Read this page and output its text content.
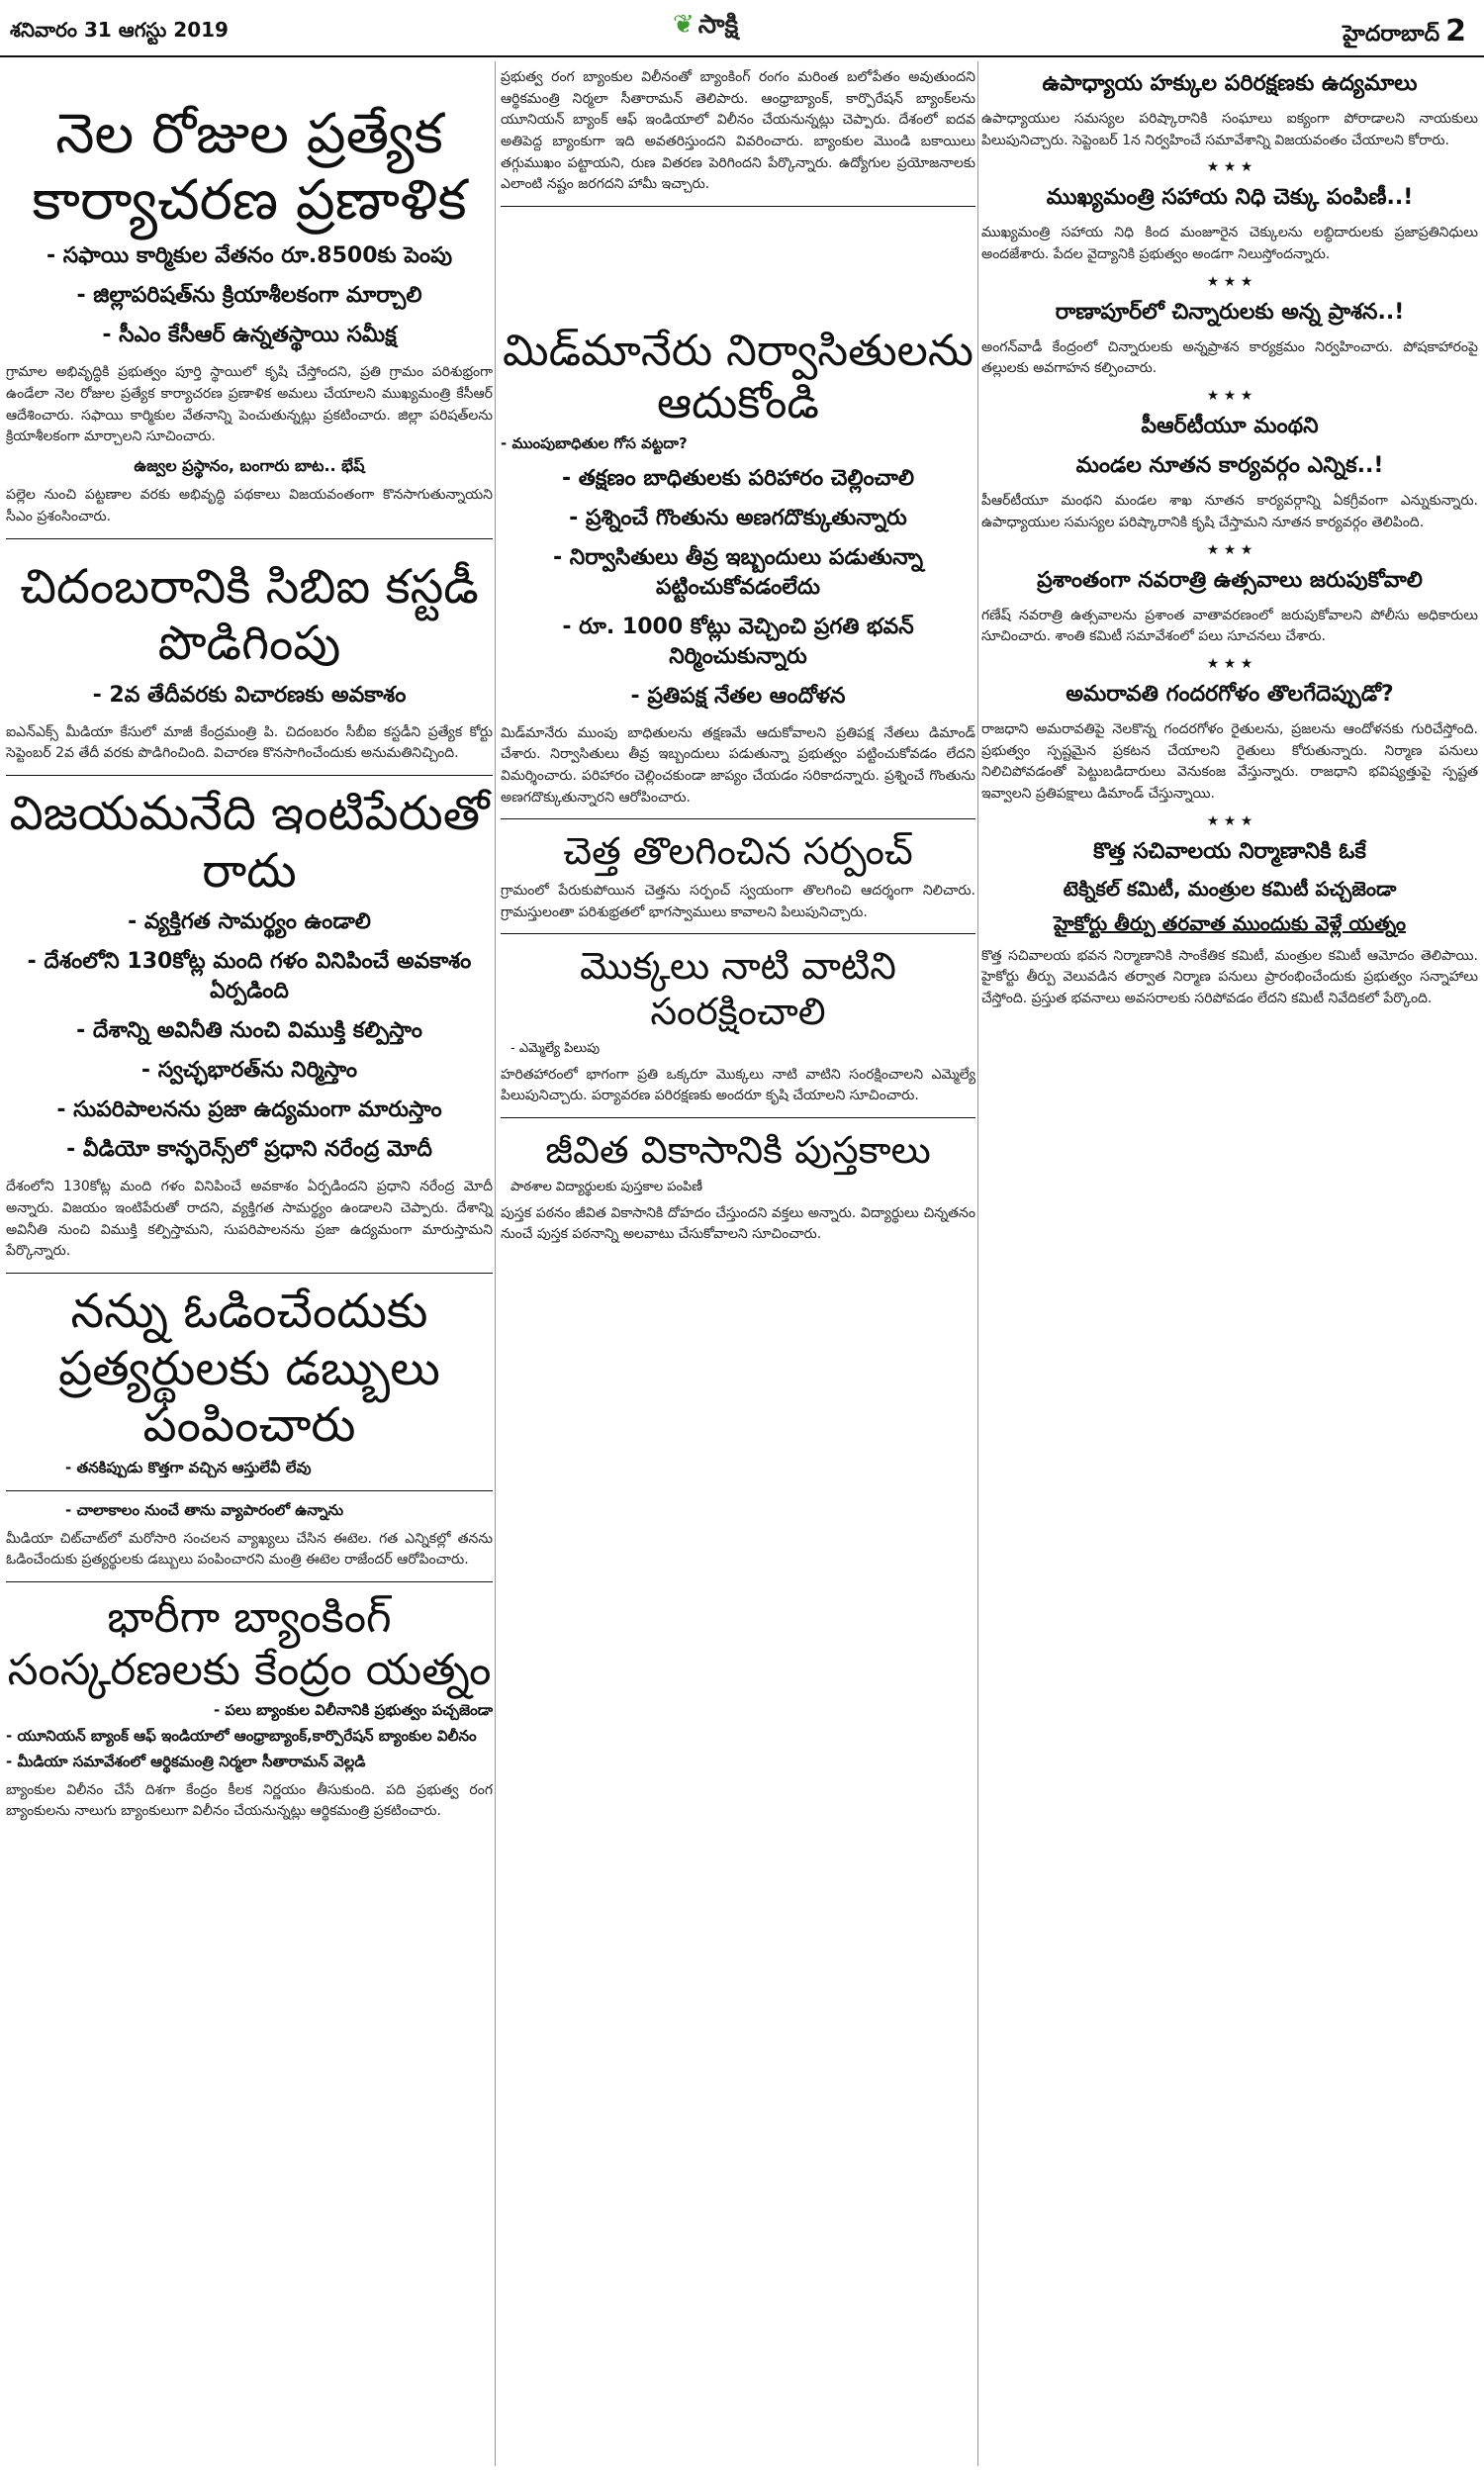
శనివారం 31 ఆగస్టు 2019	❦ సాక్షి	హైదరాబాద్ 2
నెల రోజుల ప్రత్యేక కార్యాచరణ ప్రణాళిక
- సఫాయి కార్మికుల వేతనం రూ.8500కు పెంపు
- జిల్లాపరిషత్‌ను క్రియాశీలకంగా మార్చాలి
- సీఎం కేసీఆర్‌ ఉన్నతస్థాయి సమీక్ష

గ్రామాల అభివృద్ధికి ప్రభుత్వం పూర్తి స్థాయిలో కృషి చేస్తోందని, ప్రతి గ్రామం పరిశుభ్రంగా ఉండేలా నెల రోజుల ప్రత్యేక కార్యాచరణ ప్రణాళిక అమలు చేయాలని ముఖ్యమంత్రి కేసీఆర్‌ ఆదేశించారు. సఫాయి కార్మికుల వేతనాన్ని పెంచుతున్నట్లు ప్రకటించారు. జిల్లా పరిషత్‌లను క్రియాశీలకంగా మార్చాలని సూచించారు.

ఉజ్వల ప్రస్థానం, బంగారు బాట.. భేష్‌

పల్లెల నుంచి పట్టణాల వరకు అభివృద్ధి పథకాలు విజయవంతంగా కొనసాగుతున్నాయని సీఎం ప్రశంసించారు.

చిదంబరానికి సిబిఐ కస్టడీ పొడిగింపు
- 2వ తేదీవరకు విచారణకు అవకాశం

ఐఎన్‌ఎక్స్‌ మీడియా కేసులో మాజీ కేంద్రమంత్రి పి. చిదంబరం సీబీఐ కస్టడీని ప్రత్యేక కోర్టు సెప్టెంబర్‌ 2వ తేదీ వరకు పొడిగించింది. విచారణ కొనసాగించేందుకు అనుమతినిచ్చింది.

విజయమనేది ఇంటిపేరుతో రాదు
- వ్యక్తిగత సామర్థ్యం ఉండాలి
- దేశంలోని 130కోట్ల మంది గళం వినిపించే అవకాశం ఏర్పడింది
- దేశాన్ని అవినీతి నుంచి విముక్తి కల్పిస్తాం
- స్వచ్ఛభారత్‌ను నిర్మిస్తాం
- సుపరిపాలనను ప్రజా ఉద్యమంగా మారుస్తాం
- వీడియో కాన్ఫరెన్స్‌లో ప్రధాని నరేంద్ర మోదీ

దేశంలోని 130కోట్ల మంది గళం వినిపించే అవకాశం ఏర్పడిందని ప్రధాని నరేంద్ర మోదీ అన్నారు. విజయం ఇంటిపేరుతో రాదని, వ్యక్తిగత సామర్థ్యం ఉండాలని చెప్పారు. దేశాన్ని అవినీతి నుంచి విముక్తి కల్పిస్తామని, సుపరిపాలనను ప్రజా ఉద్యమంగా మారుస్తామని పేర్కొన్నారు.

నన్ను ఓడించేందుకు ప్రత్యర్థులకు డబ్బులు పంపించారు
- తనకిప్పుడు కొత్తగా వచ్చిన ఆస్తులేవీ లేవు
- చాలాకాలం నుంచే తాను వ్యాపారంలో ఉన్నాను

మీడియా చిట్‌చాట్‌లో మరోసారి సంచలన వ్యాఖ్యలు చేసిన ఈటెల. గత ఎన్నికల్లో తనను ఓడించేందుకు ప్రత్యర్థులకు డబ్బులు పంపించారని మంత్రి ఈటెల రాజేందర్‌ ఆరోపించారు.

భారీగా బ్యాంకింగ్‌ సంస్కరణలకు కేంద్రం యత్నం
- పలు బ్యాంకుల విలీనానికి ప్రభుత్వం పచ్చజెండా
- యూనియన్‌ బ్యాంక్‌ ఆఫ్‌ ఇండియాలో ఆంధ్రాబ్యాంక్‌,కార్పొరేషన్‌ బ్యాంకుల విలీనం
- మీడియా సమావేశంలో ఆర్థికమంత్రి నిర్మలా సీతారామన్‌ వెల్లడి

బ్యాంకుల విలీనం చేసే దిశగా కేంద్రం కీలక నిర్ణయం తీసుకుంది. పది ప్రభుత్వ రంగ బ్యాంకులను నాలుగు బ్యాంకులుగా విలీనం చేయనున్నట్లు ఆర్థికమంత్రి ప్రకటించారు.

ప్రభుత్వ రంగ బ్యాంకుల విలీనంతో బ్యాంకింగ్‌ రంగం మరింత బలోపేతం అవుతుందని ఆర్థికమంత్రి నిర్మలా సీతారామన్‌ తెలిపారు. ఆంధ్రాబ్యాంక్‌, కార్పొరేషన్‌ బ్యాంక్‌లను యూనియన్‌ బ్యాంక్‌ ఆఫ్‌ ఇండియాలో విలీనం చేయనున్నట్లు చెప్పారు. దేశంలో ఐదవ అతిపెద్ద బ్యాంకుగా ఇది అవతరిస్తుందని వివరించారు. బ్యాంకుల మొండి బకాయిలు తగ్గుముఖం పట్టాయని, రుణ వితరణ పెరిగిందని పేర్కొన్నారు. ఉద్యోగుల ప్రయోజనాలకు ఎలాంటి నష్టం జరగదని హామీ ఇచ్చారు.

మిడ్‌మానేరు నిర్వాసితులను ఆదుకోండి
- ముంపుబాధితుల గోస వట్టదా?
- తక్షణం బాధితులకు పరిహారం చెల్లించాలి
- ప్రశ్నించే గొంతును అణగదొక్కుతున్నారు
- నిర్వాసితులు తీవ్ర ఇబ్బందులు పడుతున్నా పట్టించుకోవడంలేదు
- రూ. 1000 కోట్లు వెచ్చించి ప్రగతి భవన్‌ నిర్మించుకున్నారు
- ప్రతిపక్ష నేతల ఆందోళన

మిడ్‌మానేరు ముంపు బాధితులను తక్షణమే ఆదుకోవాలని ప్రతిపక్ష నేతలు డిమాండ్‌ చేశారు. నిర్వాసితులు తీవ్ర ఇబ్బందులు పడుతున్నా ప్రభుత్వం పట్టించుకోవడం లేదని విమర్శించారు. పరిహారం చెల్లించకుండా జాప్యం చేయడం సరికాదన్నారు. ప్రశ్నించే గొంతును అణగదొక్కుతున్నారని ఆరోపించారు.

చెత్త తొలగించిన సర్పంచ్‌

గ్రామంలో పేరుకుపోయిన చెత్తను సర్పంచ్‌ స్వయంగా తొలగించి ఆదర్శంగా నిలిచారు. గ్రామస్తులంతా పరిశుభ్రతలో భాగస్వాములు కావాలని పిలుపునిచ్చారు.

మొక్కలు నాటి వాటిని సంరక్షించాలి
- ఎమ్మెల్యే పిలుపు

హరితహారంలో భాగంగా ప్రతి ఒక్కరూ మొక్కలు నాటి వాటిని సంరక్షించాలని ఎమ్మెల్యే పిలుపునిచ్చారు. పర్యావరణ పరిరక్షణకు అందరూ కృషి చేయాలని సూచించారు.

జీవిత వికాసానికి పుస్తకాలు
పాఠశాల విద్యార్థులకు పుస్తకాల పంపిణీ

పుస్తక పఠనం జీవిత వికాసానికి దోహదం చేస్తుందని వక్తలు అన్నారు. విద్యార్థులు చిన్నతనం నుంచే పుస్తక పఠనాన్ని అలవాటు చేసుకోవాలని సూచించారు.

ఉపాధ్యాయ హక్కుల పరిరక్షణకు ఉద్యమాలు

ఉపాధ్యాయుల సమస్యల పరిష్కారానికి సంఘాలు ఐక్యంగా పోరాడాలని నాయకులు పిలుపునిచ్చారు. సెప్టెంబర్‌ 1న నిర్వహించే సమావేశాన్ని విజయవంతం చేయాలని కోరారు.

★ ★ ★
ముఖ్యమంత్రి సహాయ నిధి చెక్కు పంపిణీ..!

ముఖ్యమంత్రి సహాయ నిధి కింద మంజూరైన చెక్కులను లబ్ధిదారులకు ప్రజాప్రతినిధులు అందజేశారు. పేదల వైద్యానికి ప్రభుత్వం అండగా నిలుస్తోందన్నారు.

★ ★ ★
రాణాపూర్‌లో చిన్నారులకు అన్న ప్రాశన..!

అంగన్‌వాడీ కేంద్రంలో చిన్నారులకు అన్నప్రాశన కార్యక్రమం నిర్వహించారు. పోషకాహారంపై తల్లులకు అవగాహన కల్పించారు.

★ ★ ★
పీఆర్‌టీయూ మంథని
మండల నూతన కార్యవర్గం ఎన్నిక..!

పీఆర్‌టీయూ మంథని మండల శాఖ నూతన కార్యవర్గాన్ని ఏకగ్రీవంగా ఎన్నుకున్నారు. ఉపాధ్యాయుల సమస్యల పరిష్కారానికి కృషి చేస్తామని నూతన కార్యవర్గం తెలిపింది.

★ ★ ★
ప్రశాంతంగా నవరాత్రి ఉత్సవాలు జరుపుకోవాలి

గణేష్‌ నవరాత్రి ఉత్సవాలను ప్రశాంత వాతావరణంలో జరుపుకోవాలని పోలీసు అధికారులు సూచించారు. శాంతి కమిటీ సమావేశంలో పలు సూచనలు చేశారు.

★ ★ ★
అమరావతి గందరగోళం తొలగేదెప్పుడో?

రాజధాని అమరావతిపై నెలకొన్న గందరగోళం రైతులను, ప్రజలను ఆందోళనకు గురిచేస్తోంది. ప్రభుత్వం స్పష్టమైన ప్రకటన చేయాలని రైతులు కోరుతున్నారు. నిర్మాణ పనులు నిలిచిపోవడంతో పెట్టుబడిదారులు వెనుకంజ వేస్తున్నారు. రాజధాని భవిష్యత్తుపై స్పష్టత ఇవ్వాలని ప్రతిపక్షాలు డిమాండ్‌ చేస్తున్నాయి.

★ ★ ★
కొత్త సచివాలయ నిర్మాణానికి ఓకే
టెక్నికల్‌ కమిటీ, మంత్రుల కమిటీ పచ్చజెండా
హైకోర్టు తీర్పు తరవాత ముందుకు వెళ్లే యత్నం

కొత్త సచివాలయ భవన నిర్మాణానికి సాంకేతిక కమిటీ, మంత్రుల కమిటీ ఆమోదం తెలిపాయి. హైకోర్టు తీర్పు వెలువడిన తర్వాత నిర్మాణ పనులు ప్రారంభించేందుకు ప్రభుత్వం సన్నాహాలు చేస్తోంది. ప్రస్తుత భవనాలు అవసరాలకు సరిపోవడం లేదని కమిటీ నివేదికలో పేర్కొంది.
